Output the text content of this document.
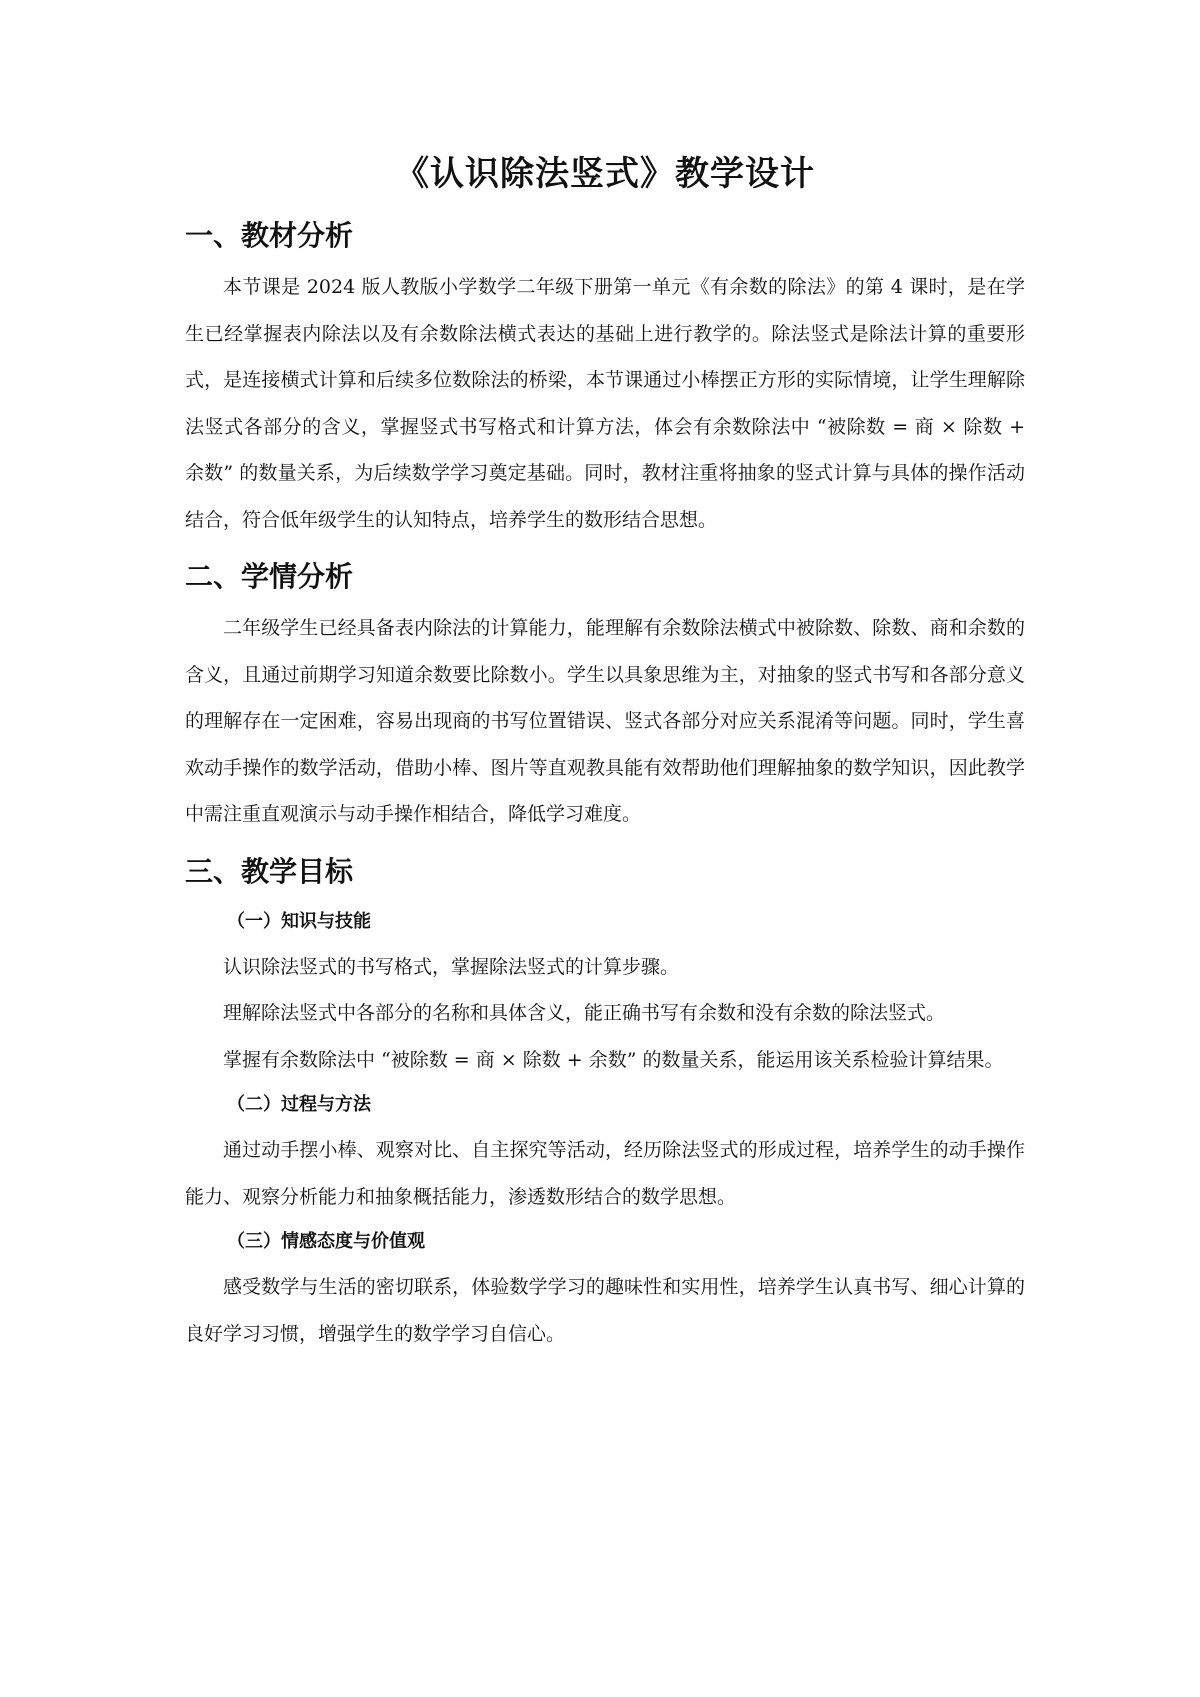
《认识除法竖式》教学设计
一、教材分析

本节课是 2024 版人教版小学数学二年级下册第一单元《有余数的除法》的第 4 课时，是在学生已经掌握表内除法以及有余数除法横式表达的基础上进行教学的。除法竖式是除法计算的重要形式，是连接横式计算和后续多位数除法的桥梁，本节课通过小棒摆正方形的实际情境，让学生理解除法竖式各部分的含义，掌握竖式书写格式和计算方法，体会有余数除法中 “被除数 = 商 × 除数 + 余数” 的数量关系，为后续数学学习奠定基础。同时，教材注重将抽象的竖式计算与具体的操作活动结合，符合低年级学生的认知特点，培养学生的数形结合思想。

二、学情分析

二年级学生已经具备表内除法的计算能力，能理解有余数除法横式中被除数、除数、商和余数的含义，且通过前期学习知道余数要比除数小。学生以具象思维为主，对抽象的竖式书写和各部分意义的理解存在一定困难，容易出现商的书写位置错误、竖式各部分对应关系混淆等问题。同时，学生喜欢动手操作的数学活动，借助小棒、图片等直观教具能有效帮助他们理解抽象的数学知识，因此教学中需注重直观演示与动手操作相结合，降低学习难度。

三、教学目标
（一）知识与技能

认识除法竖式的书写格式，掌握除法竖式的计算步骤。

理解除法竖式中各部分的名称和具体含义，能正确书写有余数和没有余数的除法竖式。

掌握有余数除法中 “被除数 = 商 × 除数 + 余数” 的数量关系，能运用该关系检验计算结果。

（二）过程与方法

通过动手摆小棒、观察对比、自主探究等活动，经历除法竖式的形成过程，培养学生的动手操作能力、观察分析能力和抽象概括能力，渗透数形结合的数学思想。

（三）情感态度与价值观

感受数学与生活的密切联系，体验数学学习的趣味性和实用性，培养学生认真书写、细心计算的良好学习习惯，增强学生的数学学习自信心。
